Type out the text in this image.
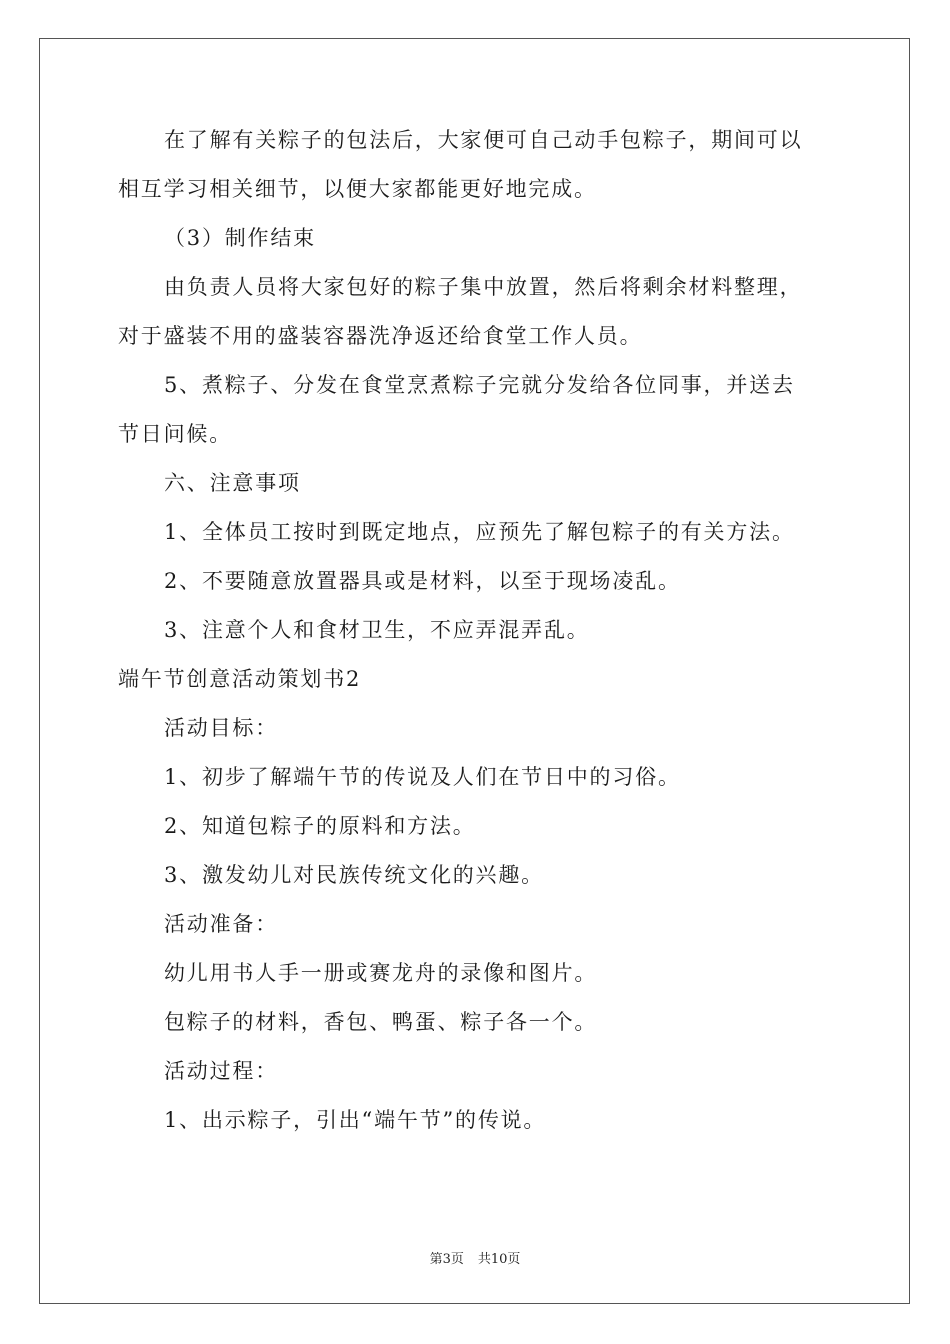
在了解有关粽子的包法后，大家便可自己动手包粽子，期间可以
相互学习相关细节，以便大家都能更好地完成。
（3）制作结束
由负责人员将大家包好的粽子集中放置，然后将剩余材料整理，
对于盛装不用的盛装容器洗净返还给食堂工作人员。
5、煮粽子、分发在食堂烹煮粽子完就分发给各位同事，并送去
节日问候。
六、注意事项
1、全体员工按时到既定地点，应预先了解包粽子的有关方法。
2、不要随意放置器具或是材料，以至于现场凌乱。
3、注意个人和食材卫生，不应弄混弄乱。
端午节创意活动策划书2
活动目标：
1、初步了解端午节的传说及人们在节日中的习俗。
2、知道包粽子的原料和方法。
3、激发幼儿对民族传统文化的兴趣。
活动准备：
幼儿用书人手一册或赛龙舟的录像和图片。
包粽子的材料，香包、鸭蛋、粽子各一个。
活动过程：
1、出示粽子，引出“端午节”的传说。
第3页 共10页
